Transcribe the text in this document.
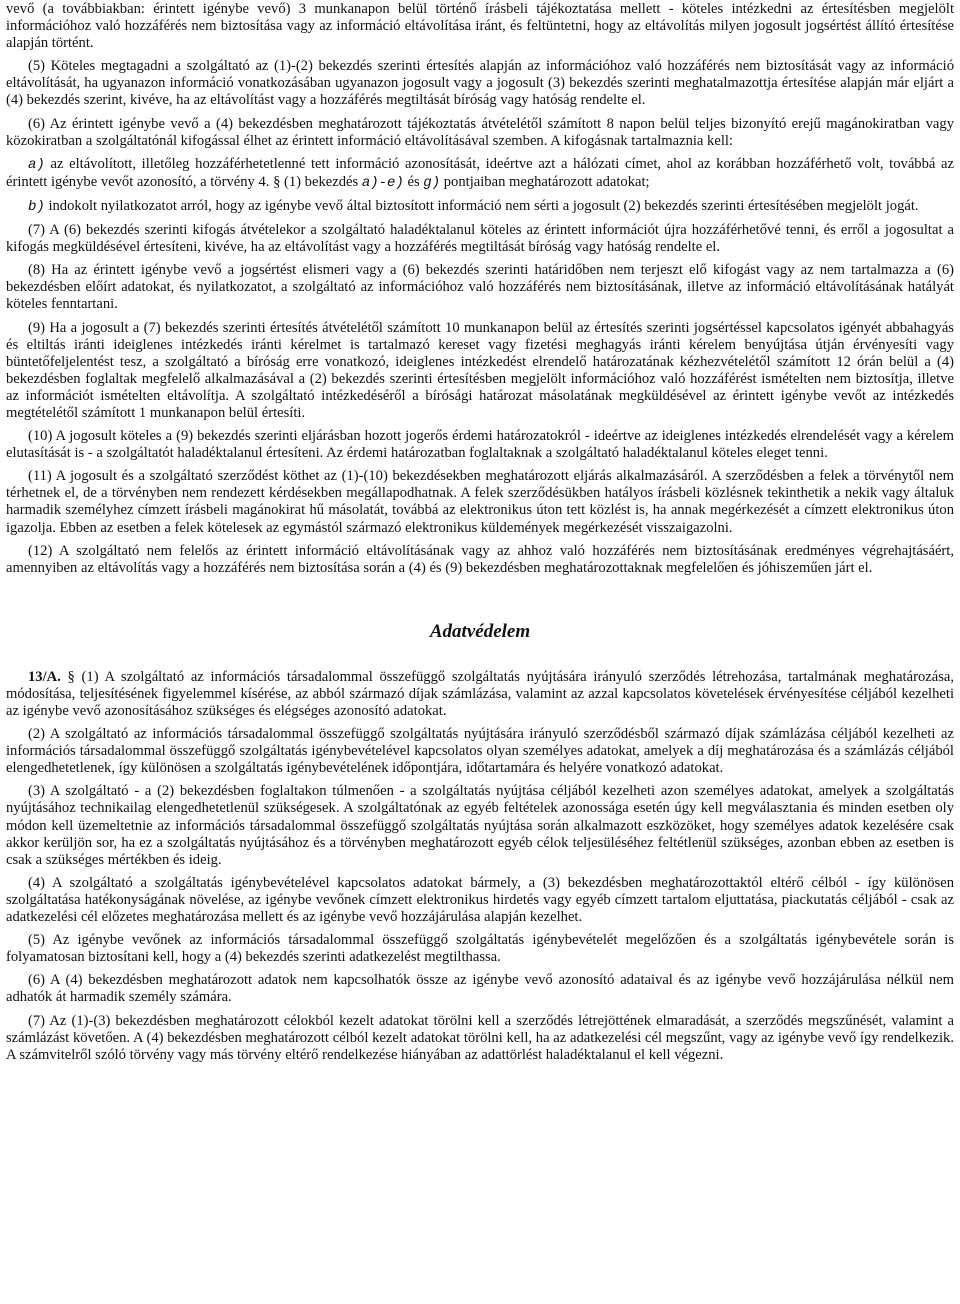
vevő (a továbbiakban: érintett igénybe vevő) 3 munkanapon belül történő írásbeli tájékoztatása mellett - köteles intézkedni az értesítésben megjelölt információhoz való hozzáférés nem biztosítása vagy az információ eltávolítása iránt, és feltüntetni, hogy az eltávolítás milyen jogosult jogsértést állító értesítése alapján történt.

(5) Köteles megtagadni a szolgáltató az (1)-(2) bekezdés szerinti értesítés alapján az információhoz való hozzáférés nem biztosítását vagy az információ eltávolítását, ha ugyanazon információ vonatkozásában ugyanazon jogosult vagy a jogosult (3) bekezdés szerinti meghatalmazottja értesítése alapján már eljárt a (4) bekezdés szerint, kivéve, ha az eltávolítást vagy a hozzáférés megtiltását bíróság vagy hatóság rendelte el.

(6) Az érintett igénybe vevő a (4) bekezdésben meghatározott tájékoztatás átvételétől számított 8 napon belül teljes bizonyító erejű magánokiratban vagy közokiratban a szolgáltatónál kifogással élhet az érintett információ eltávolításával szemben. A kifogásnak tartalmaznia kell:

a) az eltávolított, illetőleg hozzáférhetetlenné tett információ azonosítását, ideértve azt a hálózati címet, ahol az korábban hozzáférhető volt, továbbá az érintett igénybe vevőt azonosító, a törvény 4. § (1) bekezdés a)-e) és g) pontjaiban meghatározott adatokat;

b) indokolt nyilatkozatot arról, hogy az igénybe vevő által biztosított információ nem sérti a jogosult (2) bekezdés szerinti értesítésében megjelölt jogát.

(7) A (6) bekezdés szerinti kifogás átvételekor a szolgáltató haladéktalanul köteles az érintett információt újra hozzáférhetővé tenni, és erről a jogosultat a kifogás megküldésével értesíteni, kivéve, ha az eltávolítást vagy a hozzáférés megtiltását bíróság vagy hatóság rendelte el.

(8) Ha az érintett igénybe vevő a jogsértést elismeri vagy a (6) bekezdés szerinti határidőben nem terjeszt elő kifogást vagy az nem tartalmazza a (6) bekezdésben előírt adatokat, és nyilatkozatot, a szolgáltató az információhoz való hozzáférés nem biztosításának, illetve az információ eltávolításának hatályát köteles fenntartani.

(9) Ha a jogosult a (7) bekezdés szerinti értesítés átvételétől számított 10 munkanapon belül az értesítés szerinti jogsértéssel kapcsolatos igényét abbahagyás és eltiltás iránti ideiglenes intézkedés iránti kérelmet is tartalmazó kereset vagy fizetési meghagyás iránti kérelem benyújtása útján érvényesíti vagy büntetőfeljelentést tesz, a szolgáltató a bíróság erre vonatkozó, ideiglenes intézkedést elrendelő határozatának kézhezvételétől számított 12 órán belül a (4) bekezdésben foglaltak megfelelő alkalmazásával a (2) bekezdés szerinti értesítésben megjelölt információhoz való hozzáférést ismételten nem biztosítja, illetve az információt ismételten eltávolítja. A szolgáltató intézkedéséről a bírósági határozat másolatának megküldésével az érintett igénybe vevőt az intézkedés megtételétől számított 1 munkanapon belül értesíti.

(10) A jogosult köteles a (9) bekezdés szerinti eljárásban hozott jogerős érdemi határozatokról - ideértve az ideiglenes intézkedés elrendelését vagy a kérelem elutasítását is - a szolgáltatót haladéktalanul értesíteni. Az érdemi határozatban foglaltaknak a szolgáltató haladéktalanul köteles eleget tenni.

(11) A jogosult és a szolgáltató szerződést köthet az (1)-(10) bekezdésekben meghatározott eljárás alkalmazásáról. A szerződésben a felek a törvénytől nem térhetnek el, de a törvényben nem rendezett kérdésekben megállapodhatnak. A felek szerződésükben hatályos írásbeli közlésnek tekinthetik a nekik vagy általuk harmadik személyhez címzett írásbeli magánokirat hű másolatát, továbbá az elektronikus úton tett közlést is, ha annak megérkezését a címzett elektronikus úton igazolja. Ebben az esetben a felek kötelesek az egymástól származó elektronikus küldemények megérkezését visszaigazolni.

(12) A szolgáltató nem felelős az érintett információ eltávolításának vagy az ahhoz való hozzáférés nem biztosításának eredményes végrehajtásáért, amennyiben az eltávolítás vagy a hozzáférés nem biztosítása során a (4) és (9) bekezdésben meghatározottaknak megfelelően és jóhiszeműen járt el.

Adatvédelem

13/A. § (1) A szolgáltató az információs társadalommal összefüggő szolgáltatás nyújtására irányuló szerződés létrehozása, tartalmának meghatározása, módosítása, teljesítésének figyelemmel kísérése, az abból származó díjak számlázása, valamint az azzal kapcsolatos követelések érvényesítése céljából kezelheti az igénybe vevő azonosításához szükséges és elégséges azonosító adatokat.

(2) A szolgáltató az információs társadalommal összefüggő szolgáltatás nyújtására irányuló szerződésből származó díjak számlázása céljából kezelheti az információs társadalommal összefüggő szolgáltatás igénybevételével kapcsolatos olyan személyes adatokat, amelyek a díj meghatározása és a számlázás céljából elengedhetetlenek, így különösen a szolgáltatás igénybevételének időpontjára, időtartamára és helyére vonatkozó adatokat.

(3) A szolgáltató - a (2) bekezdésben foglaltakon túlmenően - a szolgáltatás nyújtása céljából kezelheti azon személyes adatokat, amelyek a szolgáltatás nyújtásához technikailag elengedhetetlenül szükségesek. A szolgáltatónak az egyéb feltételek azonossága esetén úgy kell megválasztania és minden esetben oly módon kell üzemeltetnie az információs társadalommal összefüggő szolgáltatás nyújtása során alkalmazott eszközöket, hogy személyes adatok kezelésére csak akkor kerüljön sor, ha ez a szolgáltatás nyújtásához és a törvényben meghatározott egyéb célok teljesüléséhez feltétlenül szükséges, azonban ebben az esetben is csak a szükséges mértékben és ideig.

(4) A szolgáltató a szolgáltatás igénybevételével kapcsolatos adatokat bármely, a (3) bekezdésben meghatározottaktól eltérő célból - így különösen szolgáltatása hatékonyságának növelése, az igénybe vevőnek címzett elektronikus hirdetés vagy egyéb címzett tartalom eljuttatása, piackutatás céljából - csak az adatkezelési cél előzetes meghatározása mellett és az igénybe vevő hozzájárulása alapján kezelhet.

(5) Az igénybe vevőnek az információs társadalommal összefüggő szolgáltatás igénybevételét megelőzően és a szolgáltatás igénybevétele során is folyamatosan biztosítani kell, hogy a (4) bekezdés szerinti adatkezelést megtilthassa.

(6) A (4) bekezdésben meghatározott adatok nem kapcsolhatók össze az igénybe vevő azonosító adataival és az igénybe vevő hozzájárulása nélkül nem adhatók át harmadik személy számára.

(7) Az (1)-(3) bekezdésben meghatározott célokból kezelt adatokat törölni kell a szerződés létrejöttének elmaradását, a szerződés megszűnését, valamint a számlázást követően. A (4) bekezdésben meghatározott célból kezelt adatokat törölni kell, ha az adatkezelési cél megszűnt, vagy az igénybe vevő így rendelkezik. A számvitelről szóló törvény vagy más törvény eltérő rendelkezése hiányában az adattörlést haladéktalanul el kell végezni.
